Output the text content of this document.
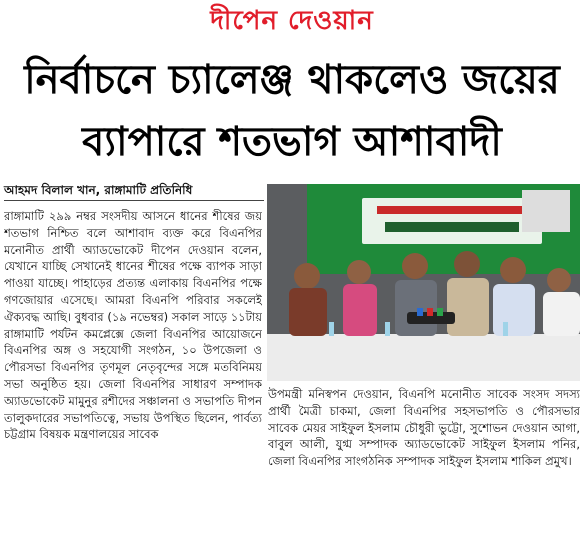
দীপেন দেওয়ান
নির্বাচনে চ্যালেঞ্জ থাকলেও জয়ের
ব্যাপারে শতভাগ আশাবাদী
আহমদ বিলাল খান, রাঙ্গামাটি প্রতিনিধি
রাঙ্গামাটি ২৯৯ নম্বর সংসদীয় আসনে ধানের শীষের জয় শতভাগ নিশ্চিত বলে আশাবাদ ব্যক্ত করে বিএনপির মনোনীত প্রার্থী অ্যাডভোকেট দীপেন দেওয়ান বলেন, যেখানে যাচ্ছি সেখানেই ধানের শীষের পক্ষে ব্যাপক সাড়া পাওয়া যাচ্ছে। পাহাড়ের প্রত্যন্ত এলাকায় বিএনপির পক্ষে গণজোয়ার এসেছে। আমরা বিএনপি পরিবার সকলেই ঐক্যবদ্ধ আছি। বুধবার (১৯ নভেম্বর) সকাল সাড়ে ১১টায় রাঙ্গামাটি পর্যটন কমপ্লেক্সে জেলা বিএনপির আয়োজনে বিএনপির অঙ্গ ও সহযোগী সংগঠন, ১০ উপজেলা ও পৌরসভা বিএনপির তৃণমূল নেতৃবৃন্দের সঙ্গে মতবিনিময় সভা অনুষ্ঠিত হয়। জেলা বিএনপির সাধারণ সম্পাদক অ্যাডভোকেট মামুনুর রশীদের সঞ্চালনা ও সভাপতি দীপন তালুকদারের সভাপতিত্বে, সভায় উপস্থিত ছিলেন, পার্বত্য চট্টগ্রাম বিষয়ক মন্ত্রণালয়ের সাবেক
উপমন্ত্রী মনিস্বপন দেওয়ান, বিএনপি মনোনীত সাবেক সংসদ সদস্য প্রার্থী মৈত্রী চাকমা, জেলা বিএনপির সহসভাপতি ও পৌরসভার সাবেক মেয়র সাইফুল ইসলাম চৌধুরী ভুট্টো, সুশোভন দেওয়ান আগা, বাবুল আলী, যুগ্ম সম্পাদক অ্যাডভোকেট সাইফুল ইসলাম পনির, জেলা বিএনপির সাংগঠনিক সম্পাদক সাইফুল ইসলাম শাকিল প্রমুখ।
